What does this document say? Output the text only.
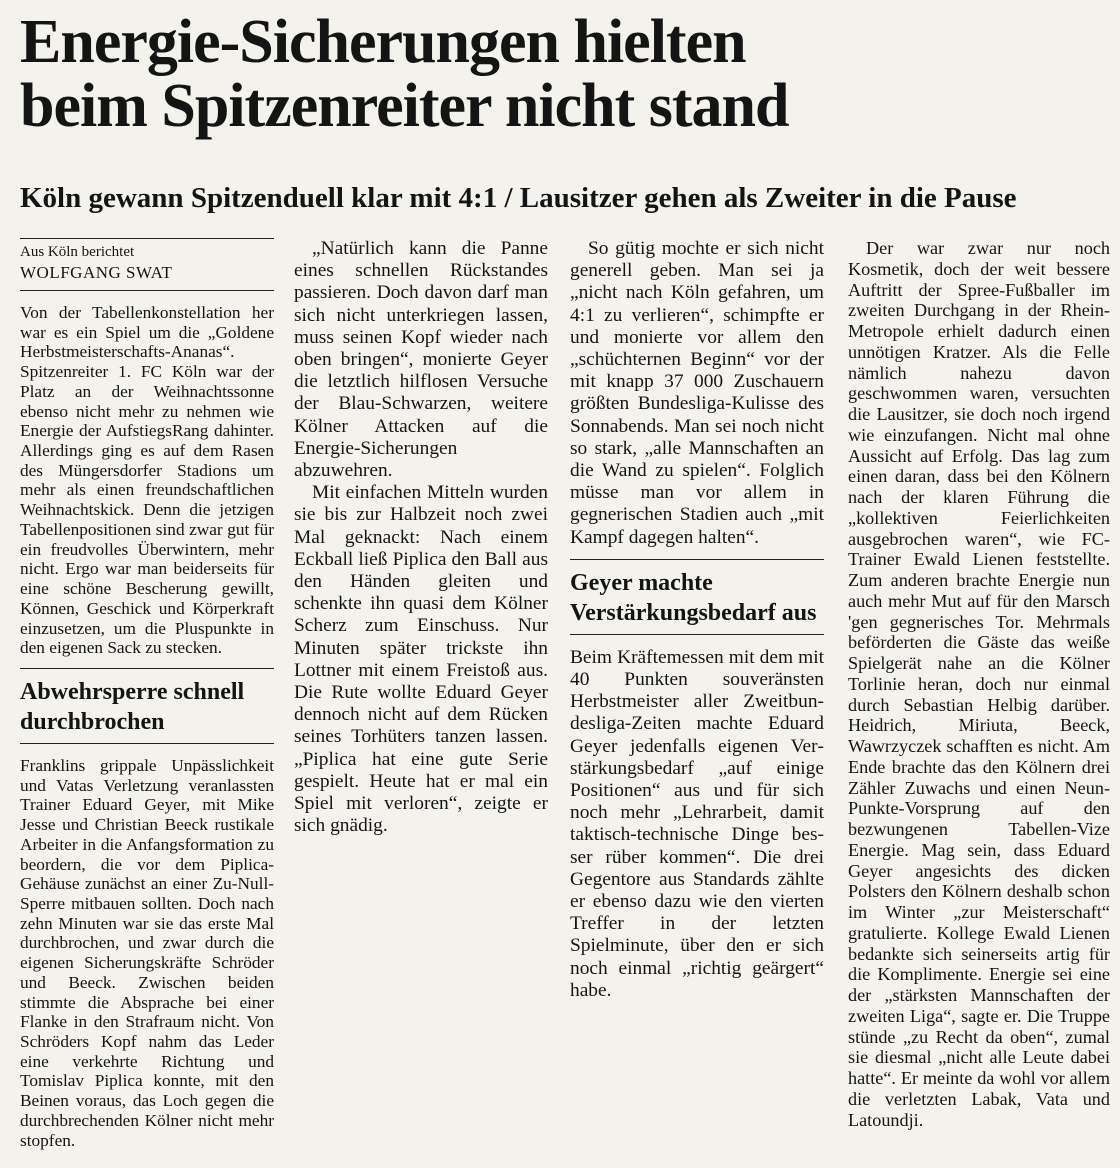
Energie-Sicherungen hielten
beim Spitzenreiter nicht stand
Köln gewann Spitzenduell klar mit 4:1 / Lausitzer gehen als Zweiter in die Pause

Aus Köln berichtet

WOLFGANG SWAT

Von der Tabellenkonstellation her war es ein Spiel um die „Goldene Herbstmeisterschafts-Ananas“. Spitzenreiter 1. FC Köln war der Platz an der Weihnachtssonne ebenso nicht mehr zu nehmen wie Energie der AufstiegsRang dahinter. Allerdings ging es auf dem Rasen des Müngersdorfer Stadions um mehr als einen freundschaftlichen Weihnachtskick. Denn die jetzigen Tabellenpositionen sind zwar gut für ein freudvolles Überwintern, mehr nicht. Ergo war man beiderseits für eine schöne Bescherung gewillt, Können, Geschick und Körperkraft einzusetzen, um die Pluspunkte in den eigenen Sack zu stecken.

Abwehrsperre schnell durchbrochen

Franklins grippale Unpässlichkeit und Vatas Verletzung veranlassten Trainer Eduard Geyer, mit Mike Jesse und Christian Beeck rustikale Arbeiter in die Anfangsformation zu beordern, die vor dem Piplica-Gehäuse zunächst an einer Zu-Null-Sperre mitbauen sollten. Doch nach zehn Minuten war sie das erste Mal durchbrochen, und zwar durch die eigenen Sicherungskräfte Schröder und Beeck. Zwischen beiden stimmte die Absprache bei einer Flanke in den Strafraum nicht. Von Schröders Kopf nahm das Leder eine verkehrte Richtung und Tomislav Piplica konnte, mit den Beinen voraus, das Loch gegen die durchbrechenden Kölner nicht mehr stopfen.

„Natürlich kann die Panne eines schnellen Rückstandes passieren. Doch davon darf man sich nicht unterkriegen lassen, muss seinen Kopf wieder nach oben bringen“, monierte Geyer die letztlich hilflosen Versuche der Blau-Schwarzen, weitere Kölner Attacken auf die Energie-Sicherungen abzuwehren.

Mit einfachen Mitteln wurden sie bis zur Halbzeit noch zwei Mal geknackt: Nach einem Eckball ließ Piplica den Ball aus den Händen gleiten und schenkte ihn quasi dem Kölner Scherz zum Einschuss. Nur Minuten später trickste ihn Lottner mit einem Freistoß aus. Die Rute wollte Eduard Geyer dennoch nicht auf dem Rücken seines Torhüters tanzen lassen. „Piplica hat eine gute Serie gespielt. Heute hat er mal ein Spiel mit verloren“, zeigte er sich gnädig.

So gütig mochte er sich nicht generell geben. Man sei ja „nicht nach Köln gefahren, um 4:1 zu verlieren“, schimpfte er und monierte vor allem den „schüchternen Beginn“ vor der mit knapp 37 000 Zuschauern größten Bundesliga-Kulisse des Sonnabends. Man sei noch nicht so stark, „alle Mannschaften an die Wand zu spielen“. Folglich müsse man vor allem in gegnerischen Stadien auch „mit Kampf dagegen halten“.

Geyer machte Verstärkungsbedarf aus

Beim Kräftemessen mit dem mit 40 Punkten souveränsten Herbstmeister aller Zweitbundesliga-Zeiten machte Eduard Geyer jedenfalls eigenen Verstärkungsbedarf „auf einige Positionen“ aus und für sich noch mehr „Lehrarbeit, damit taktisch-technische Dinge besser rüber kommen“. Die drei Gegentore aus Standards zählte er ebenso dazu wie den vierten Treffer in der letzten Spielminute, über den er sich noch einmal „richtig geärgert“ habe.

Der war zwar nur noch Kosmetik, doch der weit bessere Auftritt der Spree-Fußballer im zweiten Durchgang in der Rhein-Metropole erhielt dadurch einen unnötigen Kratzer. Als die Felle nämlich nahezu davon geschwommen waren, versuchten die Lausitzer, sie doch noch irgend wie einzufangen. Nicht mal ohne Aussicht auf Erfolg. Das lag zum einen daran, dass bei den Kölnern nach der klaren Führung die „kollektiven Feierlichkeiten ausgebrochen waren“, wie FC-Trainer Ewald Lienen feststellte. Zum anderen brachte Energie nun auch mehr Mut auf für den Marsch 'gen gegnerisches Tor. Mehrmals beförderten die Gäste das weiße Spielgerät nahe an die Kölner Torlinie heran, doch nur einmal durch Sebastian Helbig darüber. Heidrich, Miriuta, Beeck, Wawrzyczek schafften es nicht. Am Ende brachte das den Kölnern drei Zähler Zuwachs und einen Neun-Punkte-Vorsprung auf den bezwungenen Tabellen-Vize Energie. Mag sein, dass Eduard Geyer angesichts des dicken Polsters den Kölnern deshalb schon im Winter „zur Meisterschaft“ gratulierte. Kollege Ewald Lienen bedankte sich seinerseits artig für die Komplimente. Energie sei eine der „stärksten Mannschaften der zweiten Liga“, sagte er. Die Truppe stünde „zu Recht da oben“, zumal sie diesmal „nicht alle Leute dabei hatte“. Er meinte da wohl vor allem die verletzten Labak, Vata und Latoundji.
